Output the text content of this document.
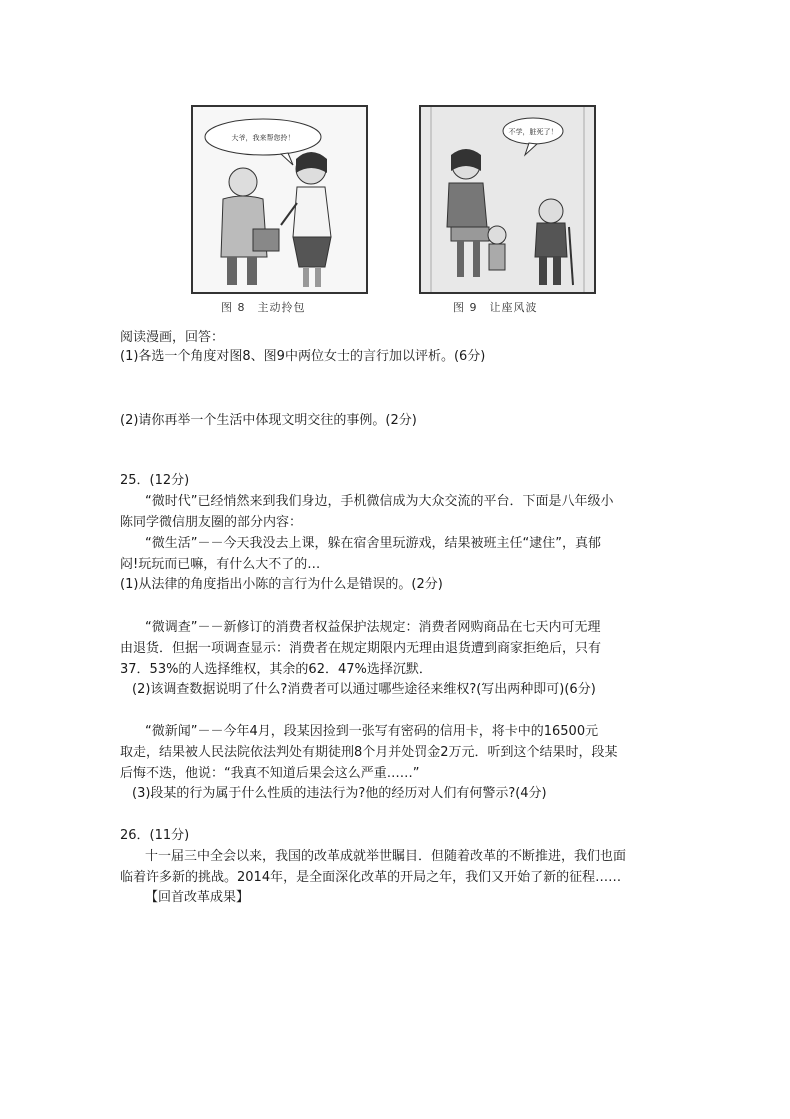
大爷，我来帮您拎！
图 8　主动拎包
不学，脏死了！
图 9　让座风波
阅读漫画，回答：
(1)各选一个角度对图8、图9中两位女士的言行加以评析。(6分)
(2)请你再举一个生活中体现文明交往的事例。(2分)
25．(12分)
“微时代”已经悄然来到我们身边，手机微信成为大众交流的平台．下面是八年级小
陈同学微信朋友圈的部分内容：
“微生活”－－今天我没去上课，躲在宿舍里玩游戏，结果被班主任“逮住”，真郁
闷!玩玩而已嘛，有什么大不了的…
(1)从法律的角度指出小陈的言行为什么是错误的。(2分)
“微调查”－－新修订的消费者权益保护法规定：消费者网购商品在七天内可无理
由退货．但据一项调查显示：消费者在规定期限内无理由退货遭到商家拒绝后，只有
37．53%的人选择维权，其余的62．47%选择沉默．
(2)该调查数据说明了什么?消费者可以通过哪些途径来维权?(写出两种即可)(6分)
“微新闻”－－今年4月，段某因捡到一张写有密码的信用卡，将卡中的16500元
取走，结果被人民法院依法判处有期徒刑8个月并处罚金2万元．听到这个结果时，段某
后悔不迭，他说：“我真不知道后果会这么严重……”
(3)段某的行为属于什么性质的违法行为?他的经历对人们有何警示?(4分)
26．(11分)
十一届三中全会以来，我国的改革成就举世瞩目．但随着改革的不断推进，我们也面
临着许多新的挑战。2014年，是全面深化改革的开局之年，我们又开始了新的征程……
【回首改革成果】
